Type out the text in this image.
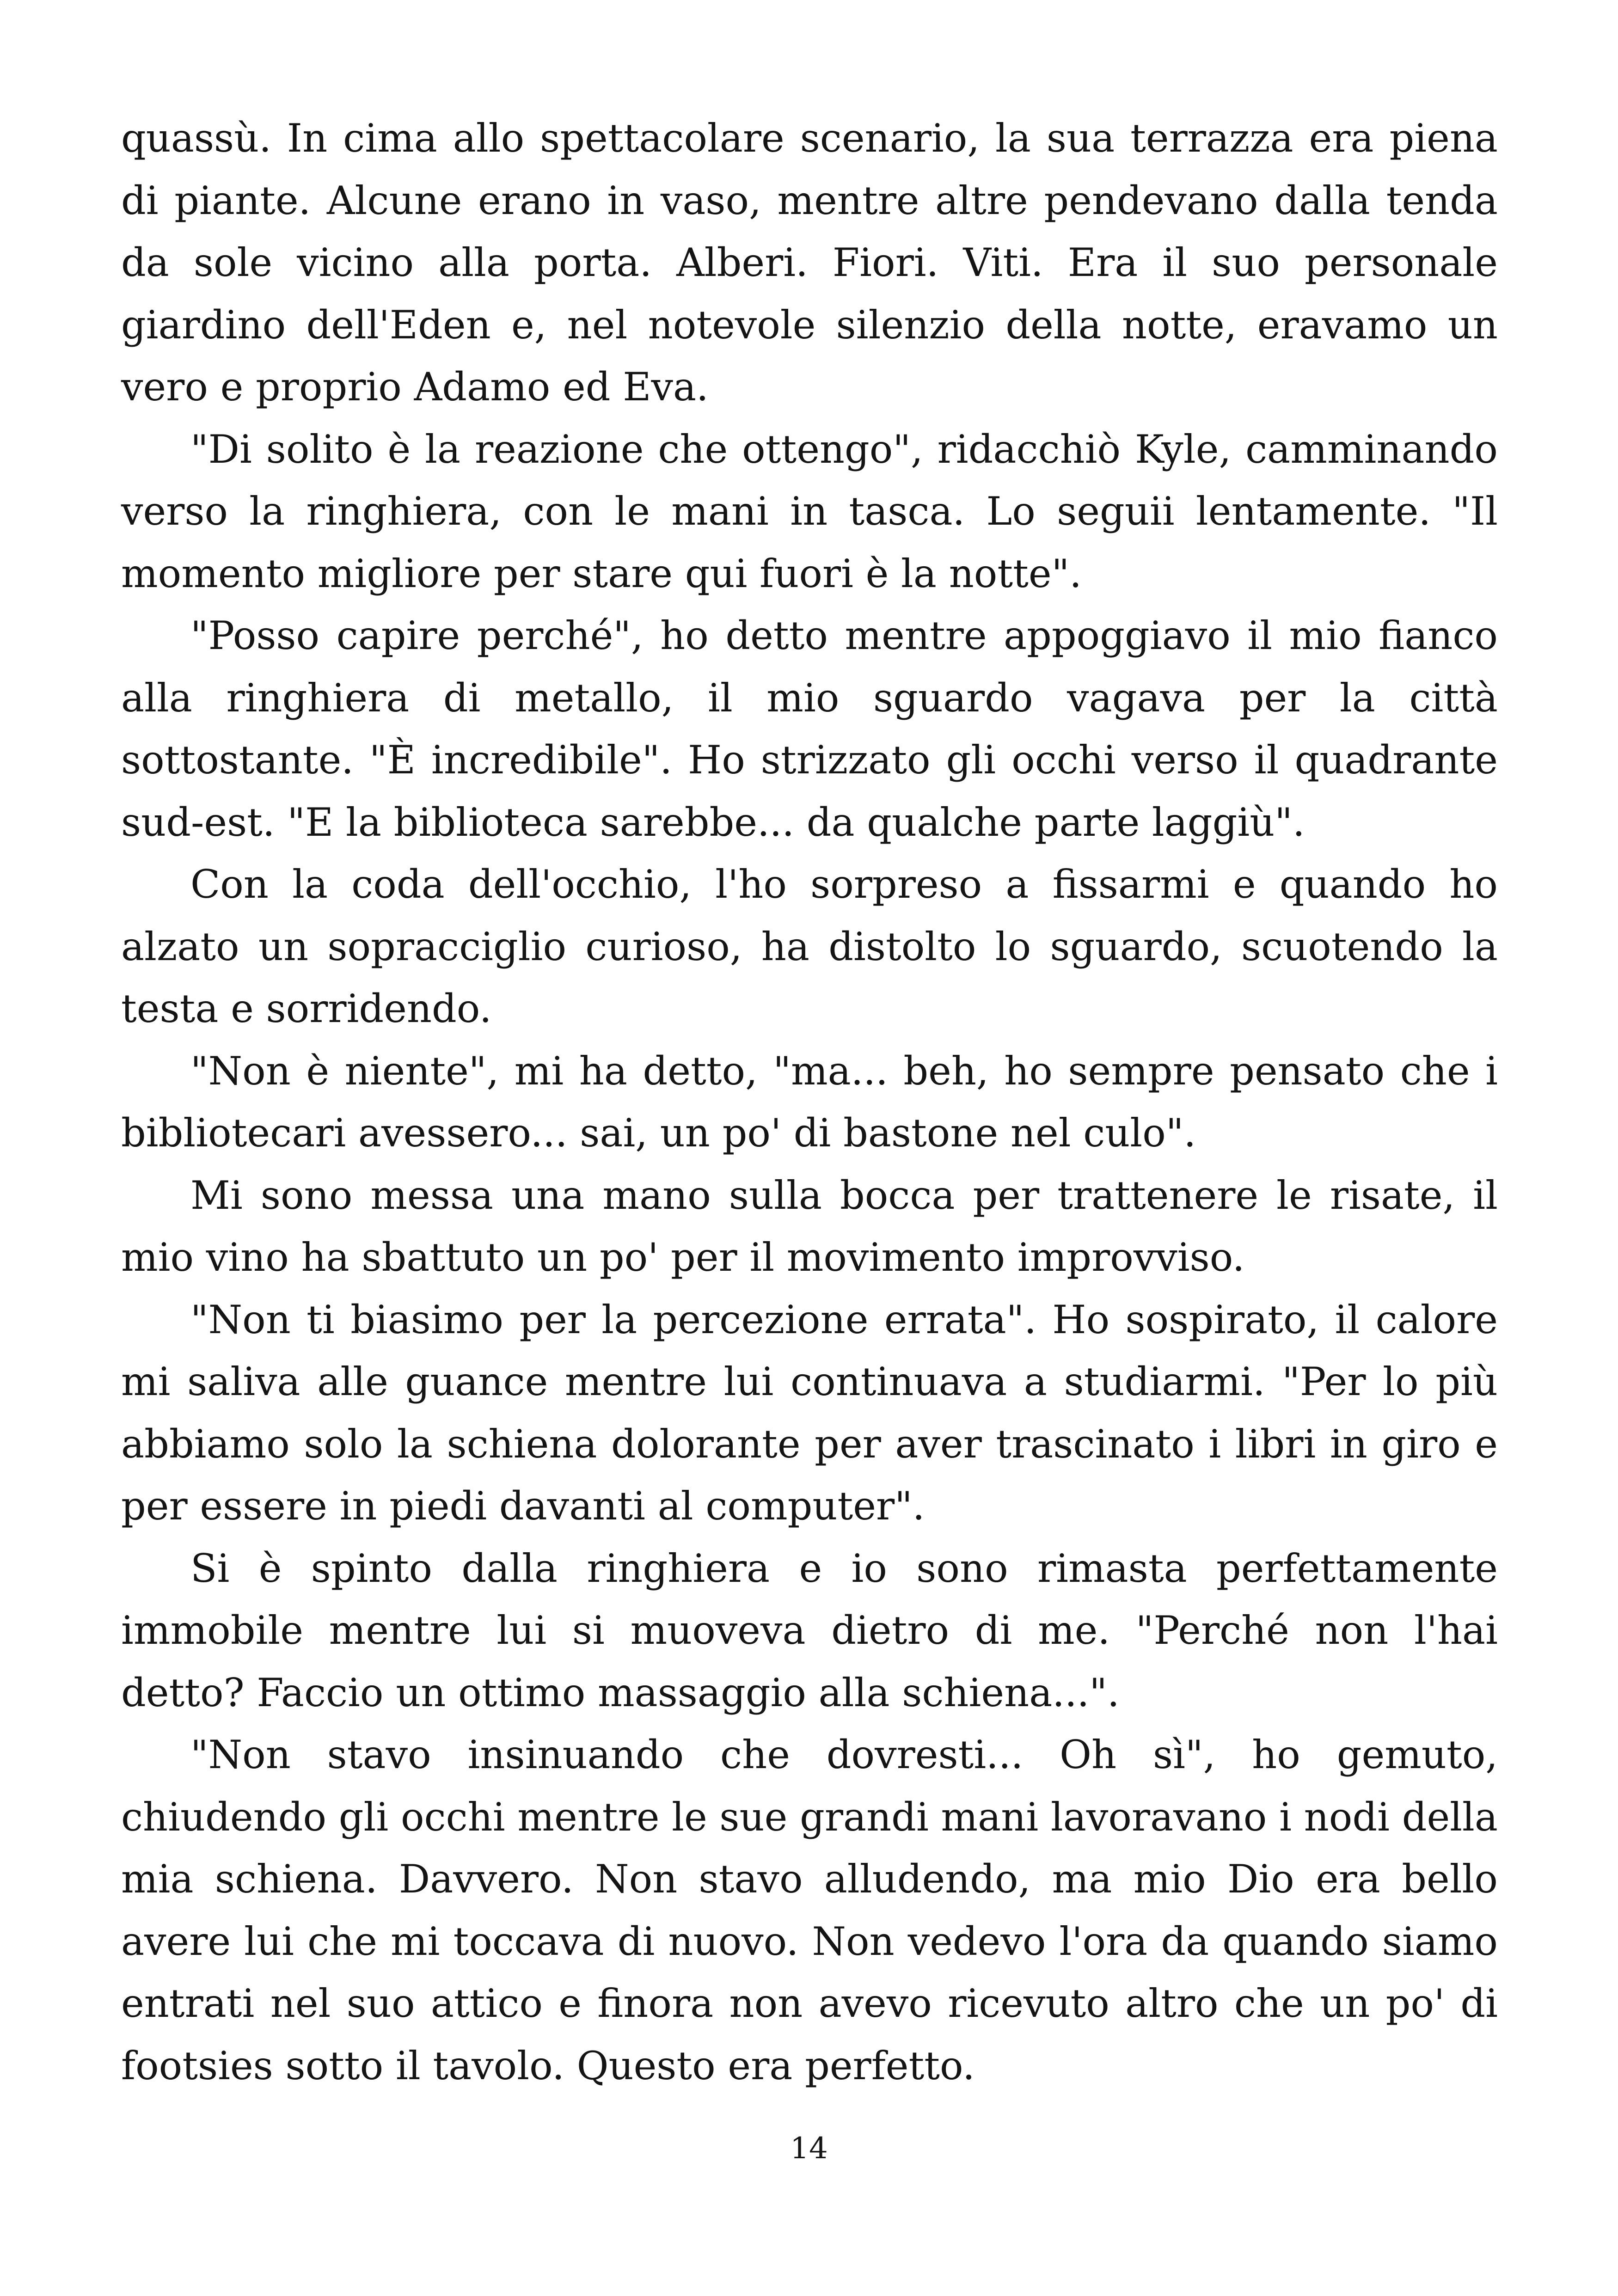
quassù. In cima allo spettacolare scenario, la sua terrazza era piena di piante. Alcune erano in vaso, mentre altre pendevano dalla tenda da sole vicino alla porta. Alberi. Fiori. Viti. Era il suo personale giardino dell'Eden e, nel notevole silenzio della notte, eravamo un vero e proprio Adamo ed Eva.

"Di solito è la reazione che ottengo", ridacchiò Kyle, camminando verso la ringhiera, con le mani in tasca. Lo seguii lentamente. "Il momento migliore per stare qui fuori è la notte".

"Posso capire perché", ho detto mentre appoggiavo il mio fianco alla ringhiera di metallo, il mio sguardo vagava per la città sottostante. "È incredibile". Ho strizzato gli occhi verso il quadrante sud-est. "E la biblioteca sarebbe... da qualche parte laggiù".

Con la coda dell'occhio, l'ho sorpreso a fissarmi e quando ho alzato un sopracciglio curioso, ha distolto lo sguardo, scuotendo la testa e sorridendo.

"Non è niente", mi ha detto, "ma... beh, ho sempre pensato che i bibliotecari avessero... sai, un po' di bastone nel culo".

Mi sono messa una mano sulla bocca per trattenere le risate, il mio vino ha sbattuto un po' per il movimento improvviso.

"Non ti biasimo per la percezione errata". Ho sospirato, il calore mi saliva alle guance mentre lui continuava a studiarmi. "Per lo più abbiamo solo la schiena dolorante per aver trascinato i libri in giro e per essere in piedi davanti al computer".

Si è spinto dalla ringhiera e io sono rimasta perfettamente immobile mentre lui si muoveva dietro di me. "Perché non l'hai detto? Faccio un ottimo massaggio alla schiena...".

"Non stavo insinuando che dovresti... Oh sì", ho gemuto, chiudendo gli occhi mentre le sue grandi mani lavoravano i nodi della mia schiena. Davvero. Non stavo alludendo, ma mio Dio era bello avere lui che mi toccava di nuovo. Non vedevo l'ora da quando siamo entrati nel suo attico e finora non avevo ricevuto altro che un po' di footsies sotto il tavolo. Questo era perfetto.

14
